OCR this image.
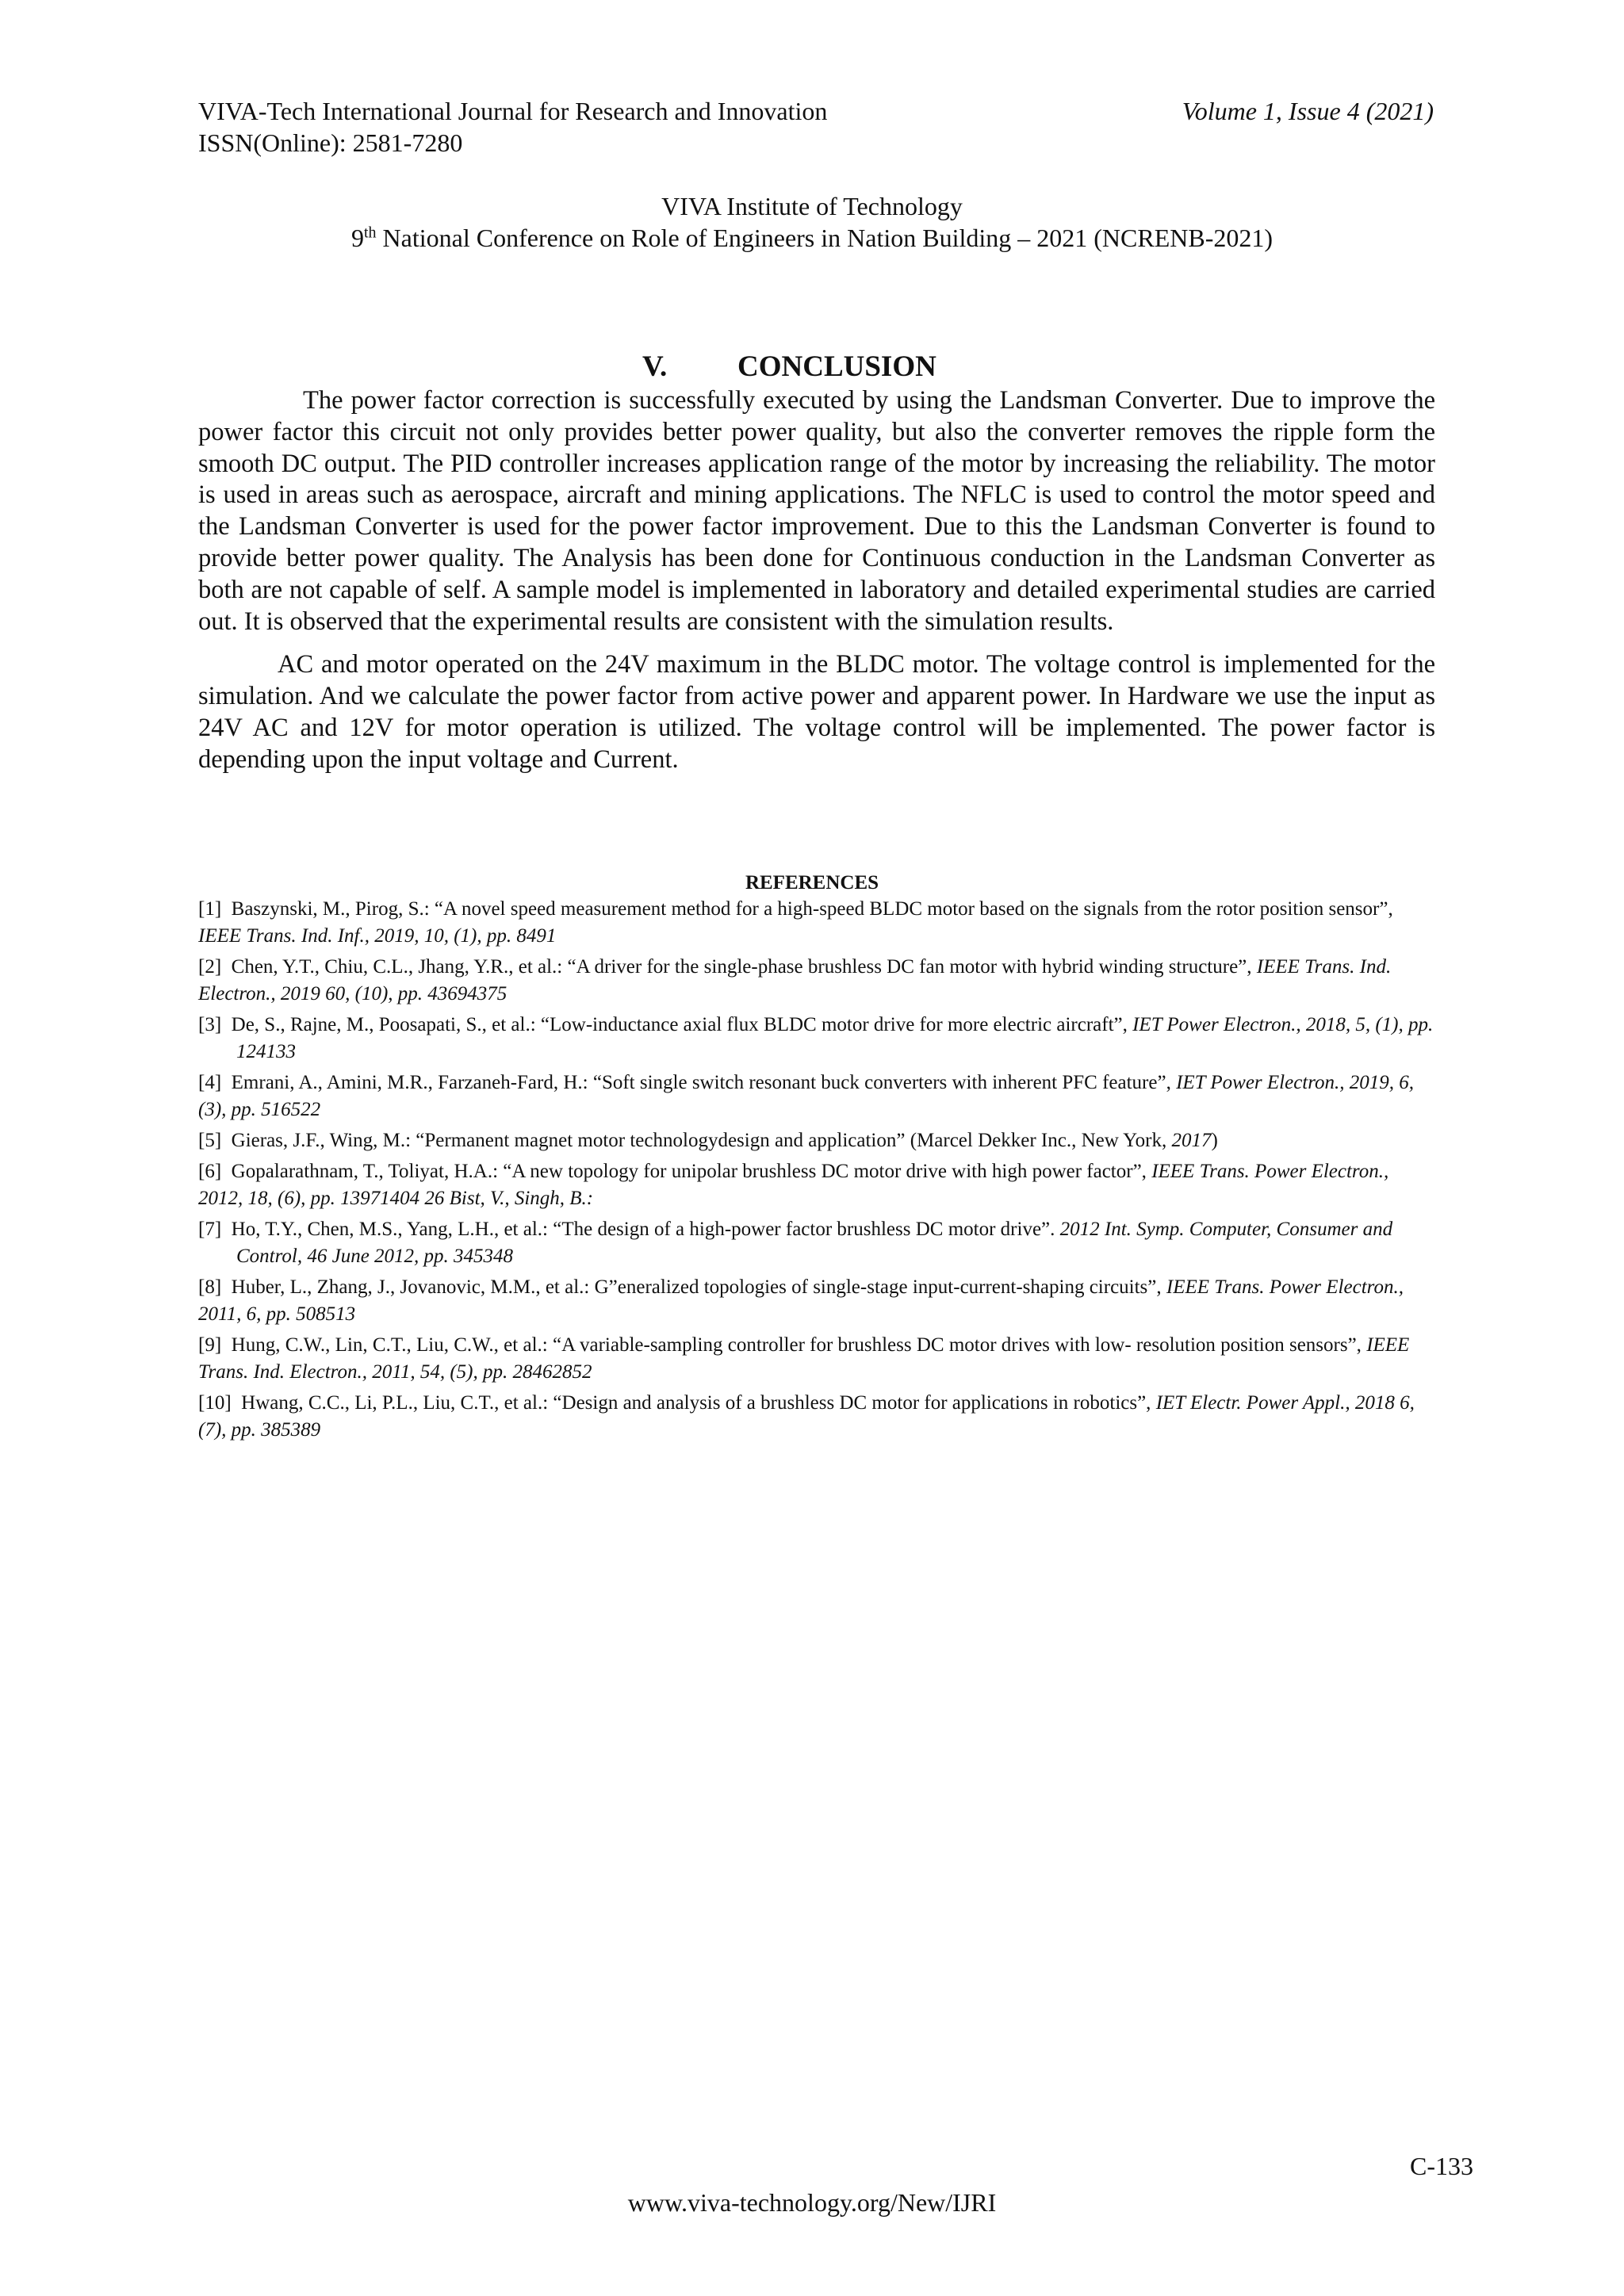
VIVA-Tech International Journal for Research and Innovation
ISSN(Online): 2581-7280
Volume 1, Issue 4 (2021)
VIVA Institute of Technology
9th National Conference on Role of Engineers in Nation Building – 2021 (NCRENB-2021)
V. CONCLUSION

The power factor correction is successfully executed by using the Landsman Converter. Due to improve the power factor this circuit not only provides better power quality, but also the converter removes the ripple form the smooth DC output. The PID controller increases application range of the motor by increasing the reliability. The motor is used in areas such as aerospace, aircraft and mining applications. The NFLC is used to control the motor speed and the Landsman Converter is used for the power factor improvement. Due to this the Landsman Converter is found to provide better power quality. The Analysis has been done for Continuous conduction in the Landsman Converter as both are not capable of self. A sample model is implemented in laboratory and detailed experimental studies are carried out. It is observed that the experimental results are consistent with the simulation results.

AC and motor operated on the 24V maximum in the BLDC motor. The voltage control is implemented for the simulation. And we calculate the power factor from active power and apparent power. In Hardware we use the input as 24V AC and 12V for motor operation is utilized. The voltage control will be implemented. The power factor is depending upon the input voltage and Current.

REFERENCES
[1] Baszynski, M., Pirog, S.: “A novel speed measurement method for a high-speed BLDC motor based on the signals from the rotor position sensor”, IEEE Trans. Ind. Inf., 2019, 10, (1), pp. 8491
[2] Chen, Y.T., Chiu, C.L., Jhang, Y.R., et al.: “A driver for the single-phase brushless DC fan motor with hybrid winding structure”, IEEE Trans. Ind. Electron., 2019 60, (10), pp. 43694375
[3] De, S., Rajne, M., Poosapati, S., et al.: “Low-inductance axial flux BLDC motor drive for more electric aircraft”, IET Power Electron., 2018, 5, (1), pp. 124133
[4] Emrani, A., Amini, M.R., Farzaneh-Fard, H.: “Soft single switch resonant buck converters with inherent PFC feature”, IET Power Electron., 2019, 6, (3), pp. 516522
[5] Gieras, J.F., Wing, M.: “Permanent magnet motor technologydesign and application” (Marcel Dekker Inc., New York, 2017)
[6] Gopalarathnam, T., Toliyat, H.A.: “A new topology for unipolar brushless DC motor drive with high power factor”, IEEE Trans. Power Electron., 2012, 18, (6), pp. 13971404 26 Bist, V., Singh, B.:
[7] Ho, T.Y., Chen, M.S., Yang, L.H., et al.: “The design of a high-power factor brushless DC motor drive”. 2012 Int. Symp. Computer, Consumer and Control, 46 June 2012, pp. 345348
[8] Huber, L., Zhang, J., Jovanovic, M.M., et al.: G”eneralized topologies of single-stage input-current-shaping circuits”, IEEE Trans. Power Electron., 2011, 6, pp. 508513
[9] Hung, C.W., Lin, C.T., Liu, C.W., et al.: “A variable-sampling controller for brushless DC motor drives with low- resolution position sensors”, IEEE Trans. Ind. Electron., 2011, 54, (5), pp. 28462852
[10] Hwang, C.C., Li, P.L., Liu, C.T., et al.: “Design and analysis of a brushless DC motor for applications in robotics”, IET Electr. Power Appl., 2018 6, (7), pp. 385389
C-133
www.viva-technology.org/New/IJRI
